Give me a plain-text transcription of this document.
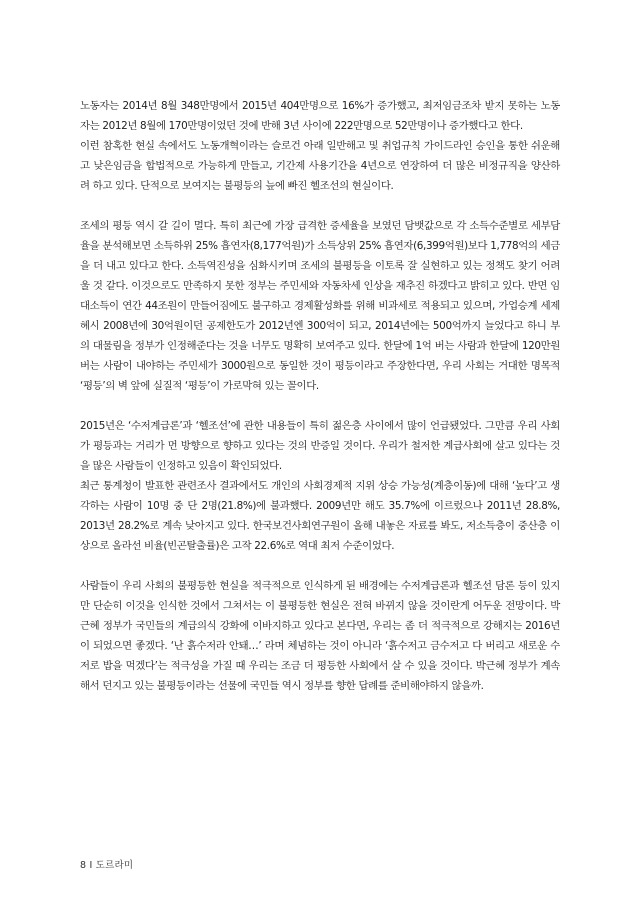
노동자는 2014년 8월 348만명에서 2015년 404만명으로 16%가 증가했고, 최저임금조차 받지 못하는 노동자는 2012년 8월에 170만명이었던 것에 반해 3년 사이에 222만명으로 52만명이나 증가했다고 한다.

이런 참혹한 현실 속에서도 노동개혁이라는 슬로건 아래 일반해고 및 취업규칙 가이드라인 승인을 통한 쉬운해고 낮은임금을 합법적으로 가능하게 만들고, 기간제 사용기간을 4년으로 연장하여 더 많은 비정규직을 양산하려 하고 있다. 단적으로 보여지는 불평등의 늪에 빠진 헬조선의 현실이다.

조세의 평등 역시 갈 길이 멀다. 특히 최근에 가장 급격한 증세율을 보였던 담뱃값으로 각 소득수준별로 세부담율을 분석해보면 소득하위 25% 흡연자(8,177억원)가 소득상위 25% 흡연자(6,399억원)보다 1,778억의 세금을 더 내고 있다고 한다. 소득역진성을 심화시키며 조세의 불평등을 이토록 잘 실현하고 있는 정책도 찾기 어려울 것 같다. 이것으로도 만족하지 못한 정부는 주민세와 자동차세 인상을 재추진 하겠다고 밝히고 있다. 반면 임대소득이 연간 44조원이 만들어짐에도 불구하고 경제활성화를 위해 비과세로 적용되고 있으며, 가업승계 세제 혜시 2008년에 30억원이던 공제한도가 2012년엔 300억이 되고, 2014년에는 500억까지 늘었다고 하니 부의 대물림을 정부가 인정해준다는 것을 너무도 명확히 보여주고 있다. 한달에 1억 버는 사람과 한달에 120만원 버는 사람이 내야하는 주민세가 3000원으로 동일한 것이 평등이라고 주장한다면, 우리 사회는 거대한 명목적 ‘평등’의 벽 앞에 실질적 ‘평등’이 가로막혀 있는 꼴이다.

2015년은 ‘수저계급론’과 ‘헬조선’에 관한 내용들이 특히 젊은층 사이에서 많이 언급됐었다. 그만큼 우리 사회가 평등과는 거리가 먼 방향으로 향하고 있다는 것의 반증일 것이다. 우리가 철저한 계급사회에 살고 있다는 것을 많은 사람들이 인정하고 있음이 확인되었다.

최근 통계청이 발표한 관련조사 결과에서도 개인의 사회경제적 지위 상승 가능성(계층이동)에 대해 ‘높다’고 생각하는 사람이 10명 중 단 2명(21.8%)에 불과했다. 2009년만 해도 35.7%에 이르렀으나 2011년 28.8%, 2013년 28.2%로 계속 낮아지고 있다. 한국보건사회연구원이 올해 내놓은 자료를 봐도, 저소득층이 중산층 이상으로 올라선 비율(빈곤탈출률)은 고작 22.6%로 역대 최저 수준이었다.

사람들이 우리 사회의 불평등한 현실을 적극적으로 인식하게 된 배경에는 수저계급론과 헬조선 담론 등이 있지만 단순히 이것을 인식한 것에서 그쳐서는 이 불평등한 현실은 전혀 바뀌지 않을 것이란게 어두운 전망이다. 박근혜 정부가 국민들의 계급의식 강화에 이바지하고 있다고 본다면, 우리는 좀 더 적극적으로 강해지는 2016년이 되었으면 좋겠다. ‘난 흙수저라 안돼…’ 라며 체념하는 것이 아니라 ‘흙수저고 금수저고 다 버리고 새로운 수저로 밥을 먹겠다’는 적극성을 가질 때 우리는 조금 더 평등한 사회에서 살 수 있을 것이다. 박근혜 정부가 계속해서 던지고 있는 불평등이라는 선물에 국민들 역시 정부를 향한 답례를 준비해야하지 않을까.

8 I 도르라미
